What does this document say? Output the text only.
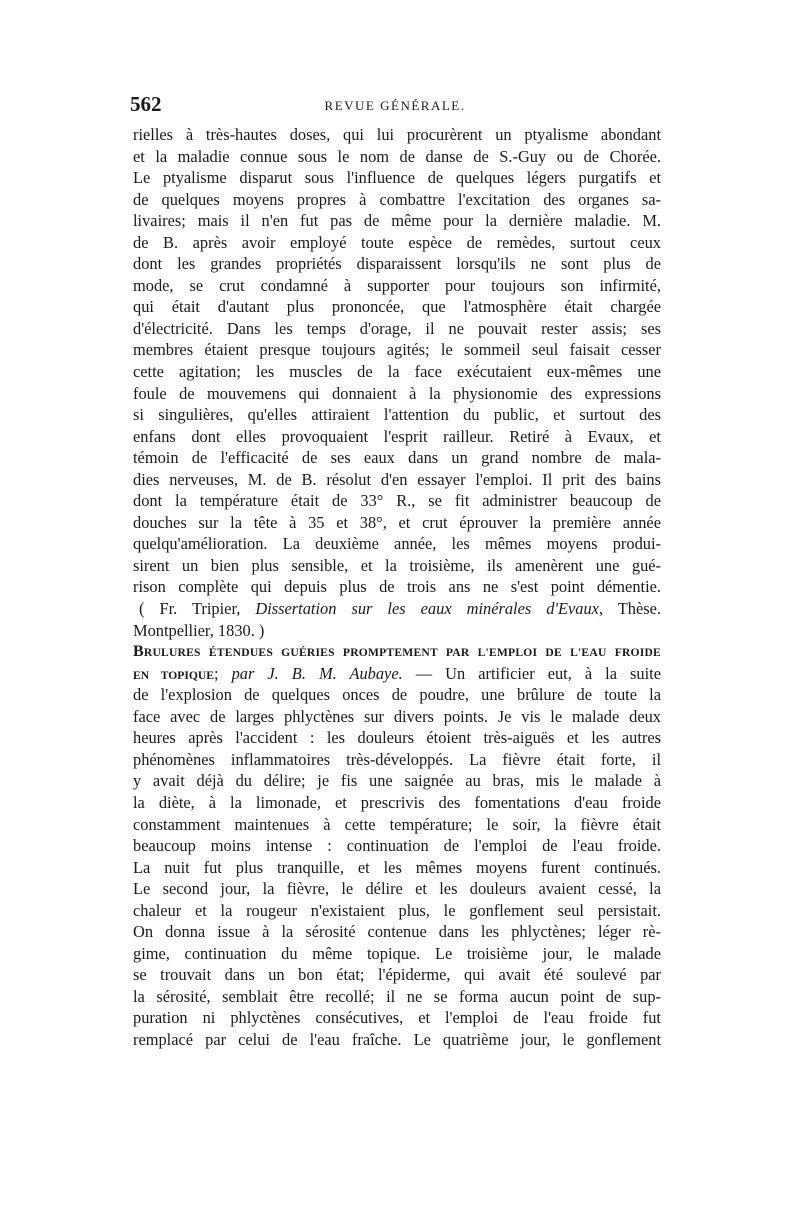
562	REVUE GÉNÉRALE.
rielles à très-hautes doses, qui lui procurèrent un ptyalisme abondant
et la maladie connue sous le nom de danse de S.-Guy ou de Chorée.
Le ptyalisme disparut sous l'influence de quelques légers purgatifs et
de quelques moyens propres à combattre l'excitation des organes sa-
livaires; mais il n'en fut pas de même pour la dernière maladie. M.
de B. après avoir employé toute espèce de remèdes, surtout ceux
dont les grandes propriétés disparaissent lorsqu'ils ne sont plus de
mode, se crut condamné à supporter pour toujours son infirmité,
qui était d'autant plus prononcée, que l'atmosphère était chargée
d'électricité. Dans les temps d'orage, il ne pouvait rester assis; ses
membres étaient presque toujours agités; le sommeil seul faisait cesser
cette agitation; les muscles de la face exécutaient eux-mêmes une
foule de mouvemens qui donnaient à la physionomie des expressions
si singulières, qu'elles attiraient l'attention du public, et surtout des
enfans dont elles provoquaient l'esprit railleur. Retiré à Evaux, et
témoin de l'efficacité de ses eaux dans un grand nombre de mala-
dies nerveuses, M. de B. résolut d'en essayer l'emploi. Il prit des bains
dont la température était de 33° R., se fit administrer beaucoup de
douches sur la tête à 35 et 38°, et crut éprouver la première année
quelqu'amélioration. La deuxième année, les mêmes moyens produi-
sirent un bien plus sensible, et la troisième, ils amenèrent une gué-
rison complète qui depuis plus de trois ans ne s'est point démentie.
( Fr. Tripier, Dissertation sur les eaux minérales d'Evaux, Thèse.
Montpellier, 1830. )
BRULURES ÉTENDUES GUÉRIES PROMPTEMENT PAR L'EMPLOI DE L'EAU FROIDE
EN TOPIQUE; par J. B. M. Aubaye. — Un artificier eut, à la suite
de l'explosion de quelques onces de poudre, une brûlure de toute la
face avec de larges phlyctènes sur divers points. Je vis le malade deux
heures après l'accident : les douleurs étoient très-aiguës et les autres
phénomènes inflammatoires très-développés. La fièvre était forte, il
y avait déjà du délire; je fis une saignée au bras, mis le malade à
la diète, à la limonade, et prescrivis des fomentations d'eau froide
constamment maintenues à cette température; le soir, la fièvre était
beaucoup moins intense : continuation de l'emploi de l'eau froide.
La nuit fut plus tranquille, et les mêmes moyens furent continués.
Le second jour, la fièvre, le délire et les douleurs avaient cessé, la
chaleur et la rougeur n'existaient plus, le gonflement seul persistait.
On donna issue à la sérosité contenue dans les phlyctènes; léger rè-
gime, continuation du même topique. Le troisième jour, le malade
se trouvait dans un bon état; l'épiderme, qui avait été soulevé par
la sérosité, semblait être recollé; il ne se forma aucun point de sup-
puration ni phlyctènes consécutives, et l'emploi de l'eau froide fut
remplacé par celui de l'eau fraîche. Le quatrième jour, le gonflement
